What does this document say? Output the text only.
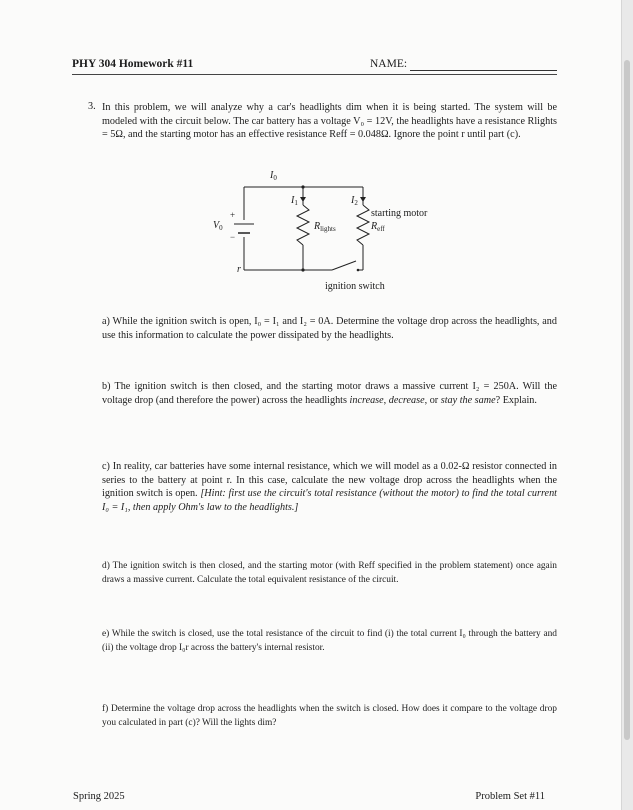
PHY 304 Homework #11	NAME:
3. In this problem, we will analyze why a car's headlights dim when it is being started. The system will be modeled with the circuit below. The car battery has a voltage V₀ = 12V, the headlights have a resistance Rlights = 5Ω, and the starting motor has an effective resistance Reff = 0.048Ω. Ignore the point r until part (c).

$I_0$
$I_1$	$I_2$
+
−
$V_0$
r
$R_{lights}$
starting motor
$R_{eff}$
ignition switch

a) While the ignition switch is open, I₀ = I₁ and I₂ = 0A. Determine the voltage drop across the headlights, and use this information to calculate the power dissipated by the headlights.

b) The ignition switch is then closed, and the starting motor draws a massive current I₂ = 250A. Will the voltage drop (and therefore the power) across the headlights increase, decrease, or stay the same? Explain.

c) In reality, car batteries have some internal resistance, which we will model as a 0.02-Ω resistor connected in series to the battery at point r. In this case, calculate the new voltage drop across the headlights when the ignition switch is open. [Hint: first use the circuit's total resistance (without the motor) to find the total current I₀ = I₁, then apply Ohm's law to the headlights.]

d) The ignition switch is then closed, and the starting motor (with Reff specified in the problem statement) once again draws a massive current. Calculate the total equivalent resistance of the circuit.

e) While the switch is closed, use the total resistance of the circuit to find (i) the total current I₀ through the battery and (ii) the voltage drop I₀r across the battery's internal resistor.

f) Determine the voltage drop across the headlights when the switch is closed. How does it compare to the voltage drop you calculated in part (c)? Will the lights dim?

Spring 2025	Problem Set #11
